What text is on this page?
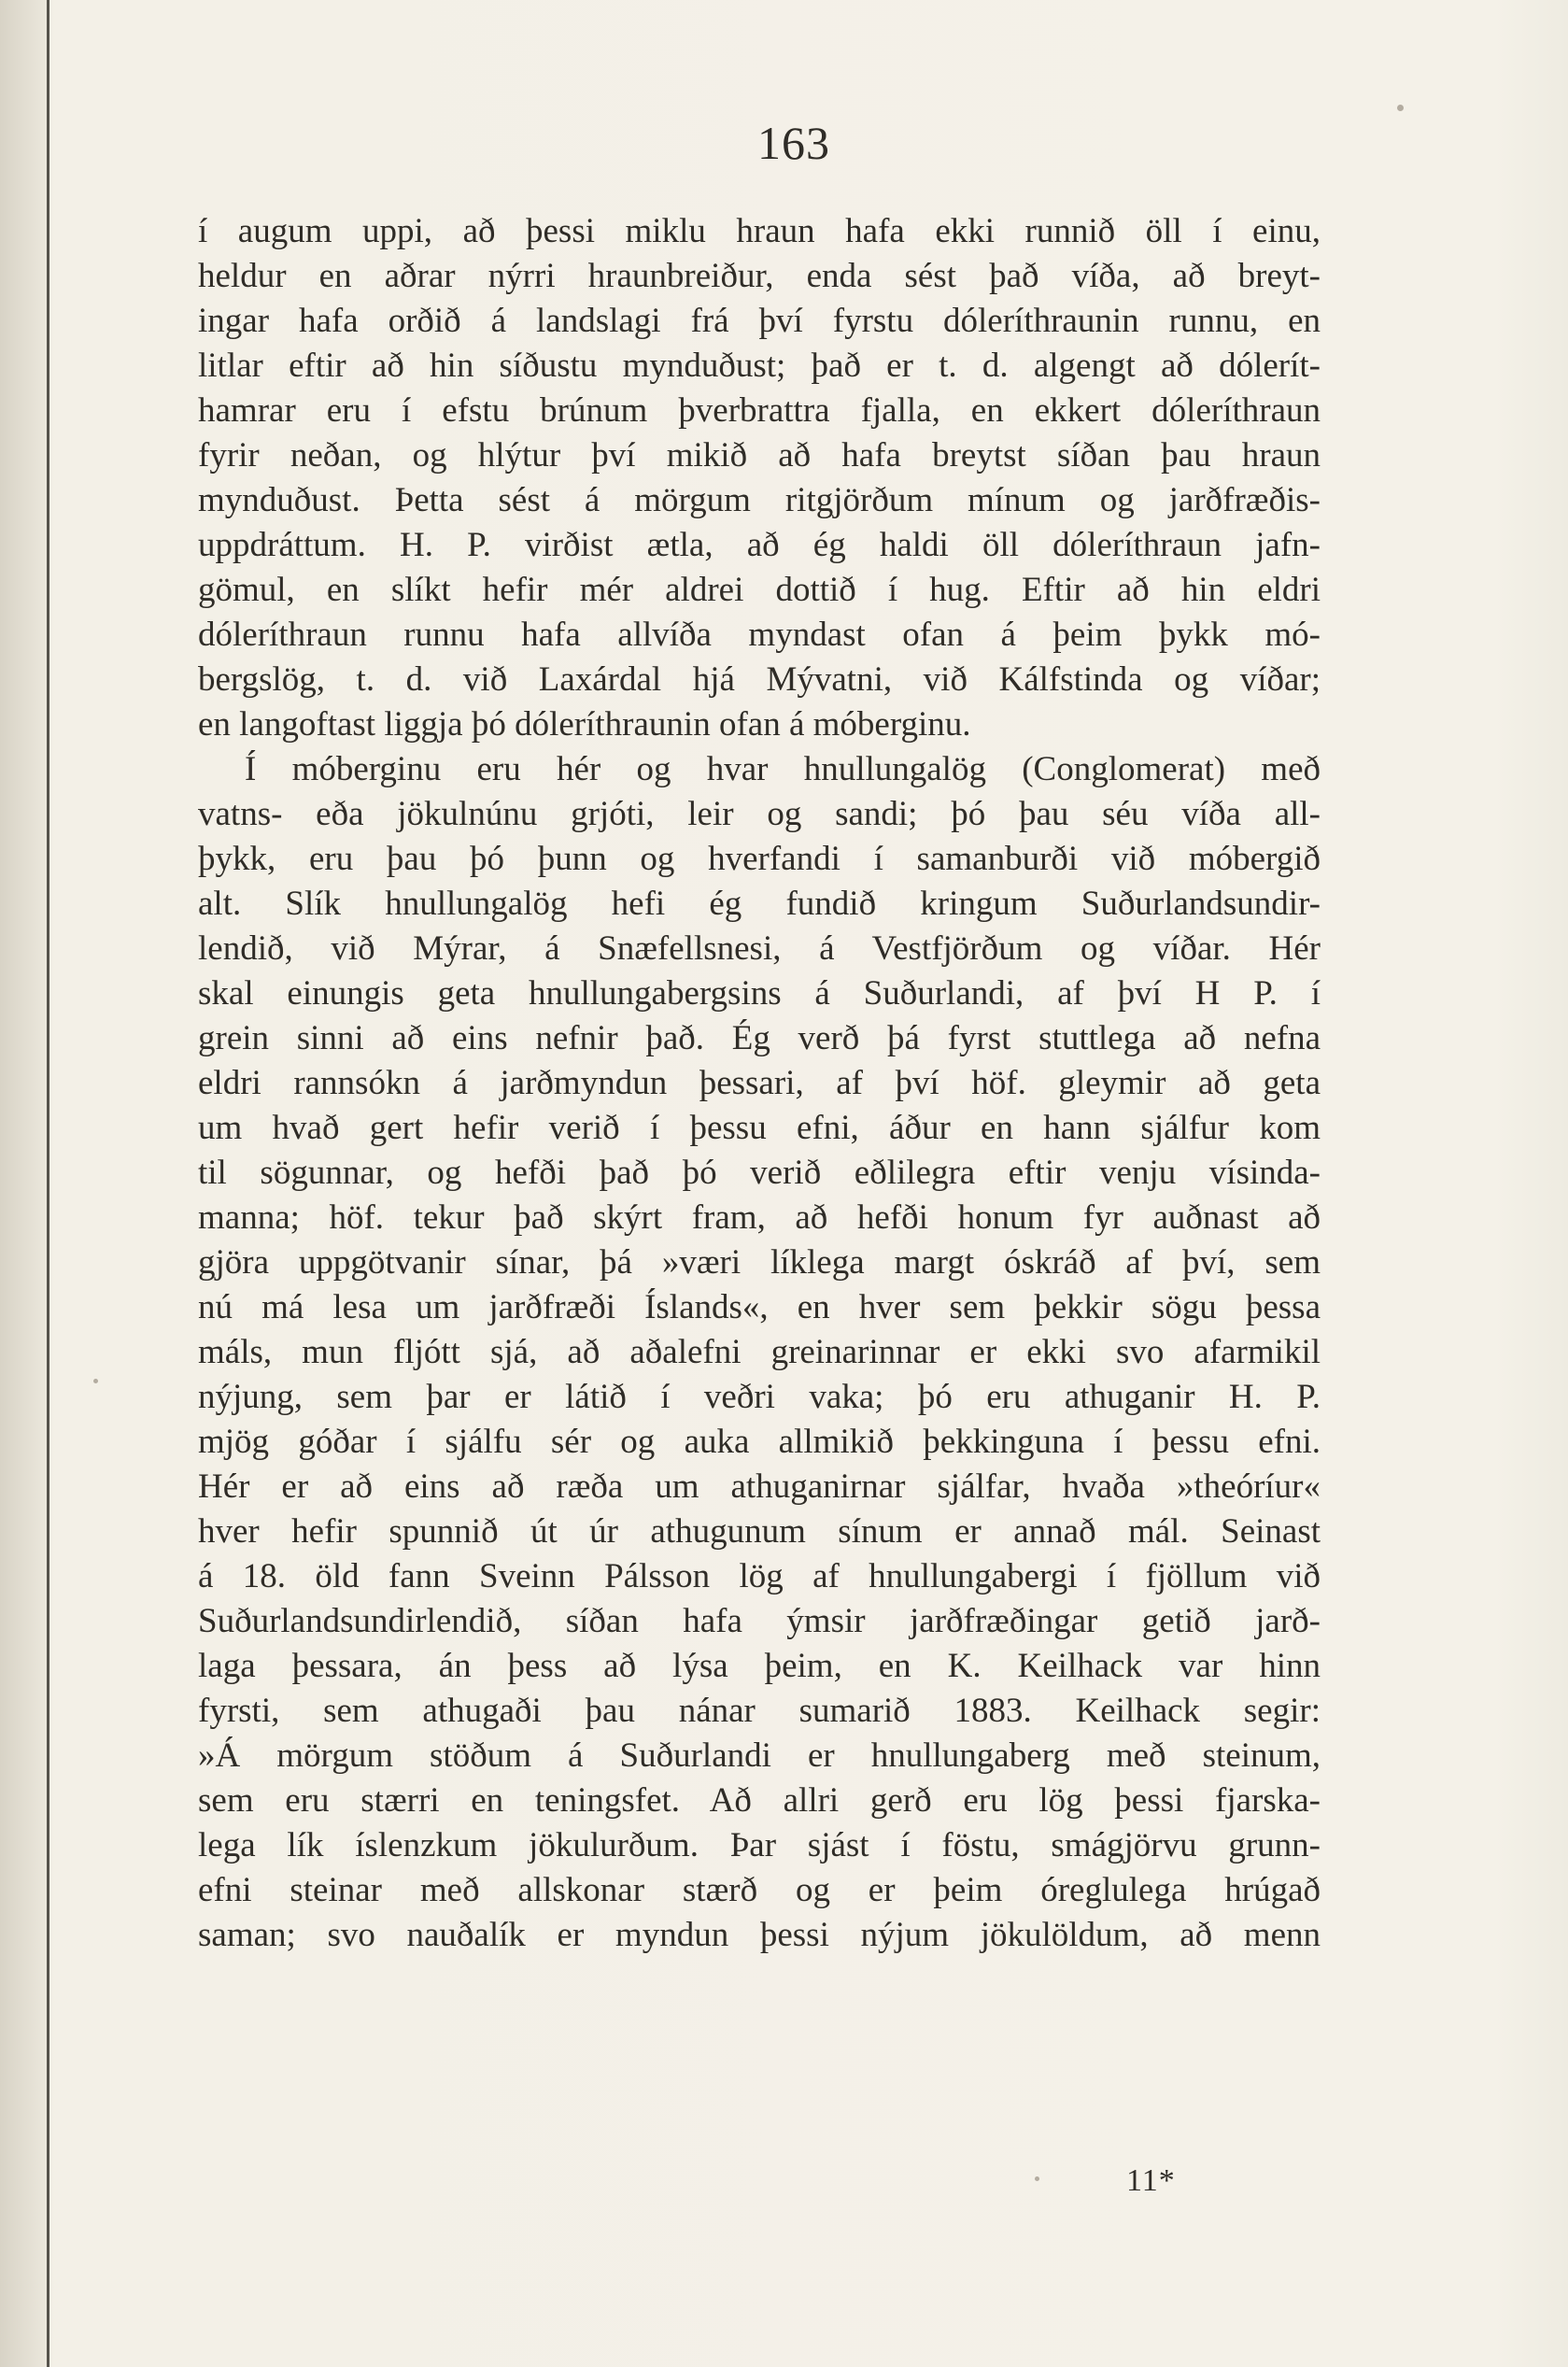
163
í augum uppi, að þessi miklu hraun hafa ekki runnið öll í einu,
heldur en aðrar nýrri hraunbreiður, enda sést það víða, að breyt-
ingar hafa orðið á landslagi frá því fyrstu dóleríthraunin runnu, en
litlar eftir að hin síðustu mynduðust; það er t. d. algengt að dólerít-
hamrar eru í efstu brúnum þverbrattra fjalla, en ekkert dóleríthraun
fyrir neðan, og hlýtur því mikið að hafa breytst síðan þau hraun
mynduðust. Þetta sést á mörgum ritgjörðum mínum og jarðfræðis-
uppdráttum. H. P. virðist ætla, að ég haldi öll dóleríthraun jafn-
gömul, en slíkt hefir mér aldrei dottið í hug. Eftir að hin eldri
dóleríthraun runnu hafa allvíða myndast ofan á þeim þykk mó-
bergslög, t. d. við Laxárdal hjá Mývatni, við Kálfstinda og víðar;
en langoftast liggja þó dóleríthraunin ofan á móberginu.
Í móberginu eru hér og hvar hnullungalög (Conglomerat) með
vatns- eða jökulnúnu grjóti, leir og sandi; þó þau séu víða all-
þykk, eru þau þó þunn og hverfandi í samanburði við móbergið
alt. Slík hnullungalög hefi ég fundið kringum Suðurlandsundir-
lendið, við Mýrar, á Snæfellsnesi, á Vestfjörðum og víðar. Hér
skal einungis geta hnullungabergsins á Suðurlandi, af því H P. í
grein sinni að eins nefnir það. Ég verð þá fyrst stuttlega að nefna
eldri rannsókn á jarðmyndun þessari, af því höf. gleymir að geta
um hvað gert hefir verið í þessu efni, áður en hann sjálfur kom
til sögunnar, og hefði það þó verið eðlilegra eftir venju vísinda-
manna; höf. tekur það skýrt fram, að hefði honum fyr auðnast að
gjöra uppgötvanir sínar, þá »væri líklega margt óskráð af því, sem
nú má lesa um jarðfræði Íslands«, en hver sem þekkir sögu þessa
máls, mun fljótt sjá, að aðalefni greinarinnar er ekki svo afarmikil
nýjung, sem þar er látið í veðri vaka; þó eru athuganir H. P.
mjög góðar í sjálfu sér og auka allmikið þekkinguna í þessu efni.
Hér er að eins að ræða um athuganirnar sjálfar, hvaða »theóríur«
hver hefir spunnið út úr athugunum sínum er annað mál. Seinast
á 18. öld fann Sveinn Pálsson lög af hnullungabergi í fjöllum við
Suðurlandsundirlendið, síðan hafa ýmsir jarðfræðingar getið jarð-
laga þessara, án þess að lýsa þeim, en K. Keilhack var hinn
fyrsti, sem athugaði þau nánar sumarið 1883. Keilhack segir:
»Á mörgum stöðum á Suðurlandi er hnullungaberg með steinum,
sem eru stærri en teningsfet. Að allri gerð eru lög þessi fjarska-
lega lík íslenzkum jökulurðum. Þar sjást í föstu, smágjörvu grunn-
efni steinar með allskonar stærð og er þeim óreglulega hrúgað
saman; svo nauðalík er myndun þessi nýjum jökulöldum, að menn
11*
